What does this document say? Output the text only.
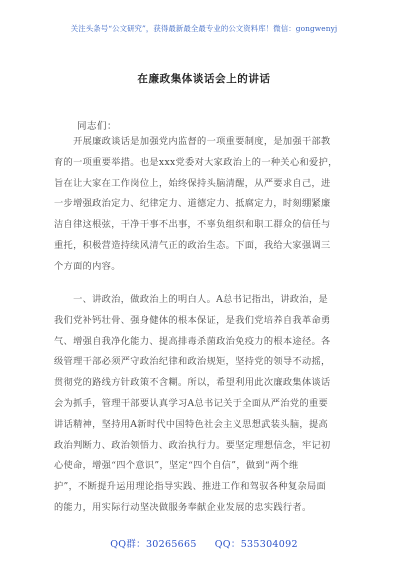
关注头条号“公文研究”，获得最新最全最专业的公文资料库！微信：gongwenyj
在廉政集体谈话会上的讲话
同志们：
　　开展廉政谈话是加强党内监督的一项重要制度，是加强干部教
育的一项重要举措。也是xxx党委对大家政治上的一种关心和爱护，
旨在让大家在工作岗位上，始终保持头脑清醒，从严要求自己，进
一步增强政治定力、纪律定力、道德定力、抵腐定力，时刻绷紧廉
洁自律这根弦，干净干事不出事，不辜负组织和职工群众的信任与
重托，积极营造持续风清气正的政治生态。下面，我给大家强调三
个方面的内容。
　　一、讲政治，做政治上的明白人。A总书记指出，讲政治，是
我们党补钙壮骨、强身健体的根本保证，是我们党培养自我革命勇
气、增强自我净化能力、提高排毒杀菌政治免疫力的根本途径。各
级管理干部必须严守政治纪律和政治规矩，坚持党的领导不动摇，
贯彻党的路线方针政策不含糊。所以，希望利用此次廉政集体谈话
会为抓手，管理干部要认真学习A总书记关于全面从严治党的重要
讲话精神，坚持用A新时代中国特色社会主义思想武装头脑，提高
政治判断力、政治领悟力、政治执行力。要坚定理想信念，牢记初
心使命，增强“四个意识”，坚定“四个自信”，做到“两个维
护”，不断提升运用理论指导实践、推进工作和驾驭各种复杂局面
的能力，用实际行动坚决做服务奉献企业发展的忠实践行者。
QQ群：30265665 QQ：535304092
